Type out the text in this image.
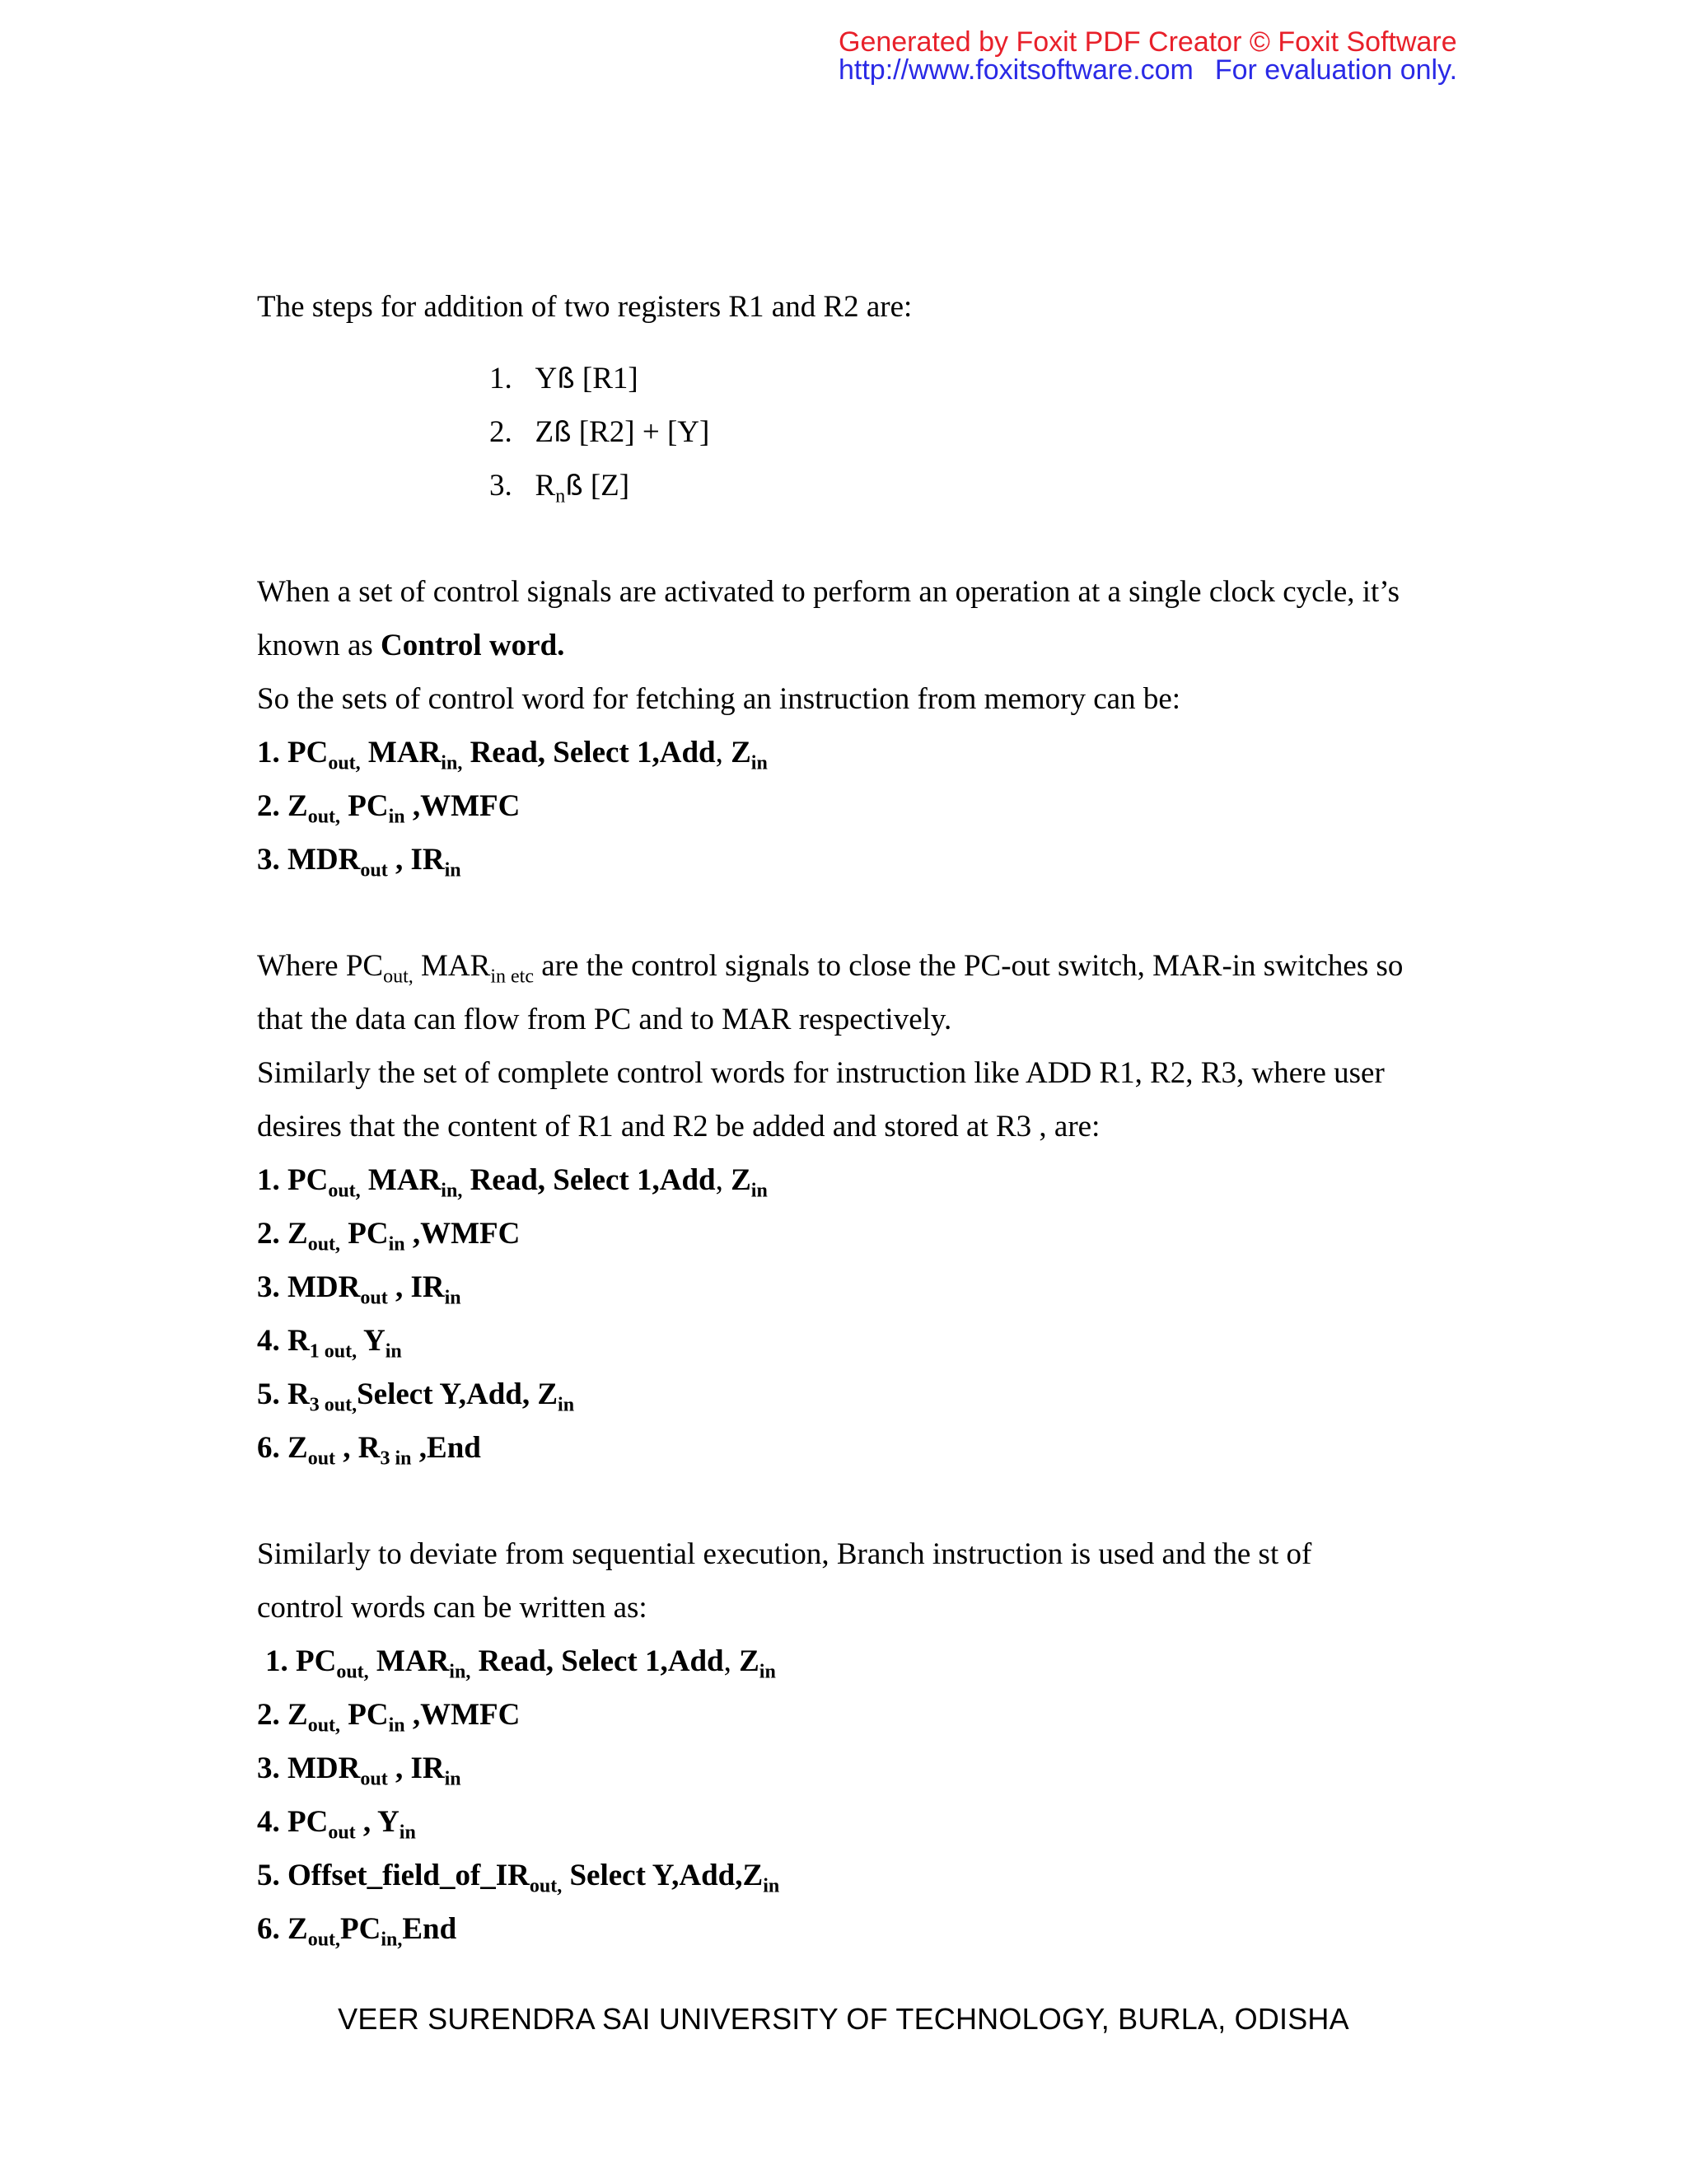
Generated by Foxit PDF Creator © Foxit Software
http://www.foxitsoftware.com For evaluation only.
The steps for addition of two registers R1 and R2 are:
1. Yß [R1]
2. Zß [R2] + [Y]
3. $R_nß$ [Z]
When a set of control signals are activated to perform an operation at a single clock cycle, it’s
known as Control word.
So the sets of control word for fetching an instruction from memory can be:
1. $PC_{out,}$ $MAR_{in,}$ Read, Select 1,Add, $Z_{in}$
2. $Z_{out,}$ $PC_{in}$ ,WMFC
3. $MDR_{out}$ , $IR_{in}$
Where $PC_{out,}$ $MAR_{in etc}$ are the control signals to close the PC-out switch, MAR-in switches so
that the data can flow from PC and to MAR respectively.
Similarly the set of complete control words for instruction like ADD R1, R2, R3, where user
desires that the content of R1 and R2 be added and stored at R3 , are:
1. $PC_{out,}$ $MAR_{in,}$ Read, Select 1,Add, $Z_{in}$
2. $Z_{out,}$ $PC_{in}$ ,WMFC
3. $MDR_{out}$ , $IR_{in}$
4. $R_{1 out,}$ $Y_{in}$
5. $R_{3 out,}Select$ Y,Add, $Z_{in}$
6. $Z_{out}$ , $R_{3 in}$ ,End
Similarly to deviate from sequential execution, Branch instruction is used and the st of
control words can be written as:
1. $PC_{out,}$ $MAR_{in,}$ Read, Select 1,Add, $Z_{in}$
2. $Z_{out,}$ $PC_{in}$ ,WMFC
3. $MDR_{out}$ , $IR_{in}$
4. $PC_{out}$ , $Y_{in}$
5. $Offset\_field\_of\_IR_{out,}$ Select $Y,Add,Z_{in}$
6. $Z_{out,}PC_{in,}End$
VEER SURENDRA SAI UNIVERSITY OF TECHNOLOGY, BURLA, ODISHA
